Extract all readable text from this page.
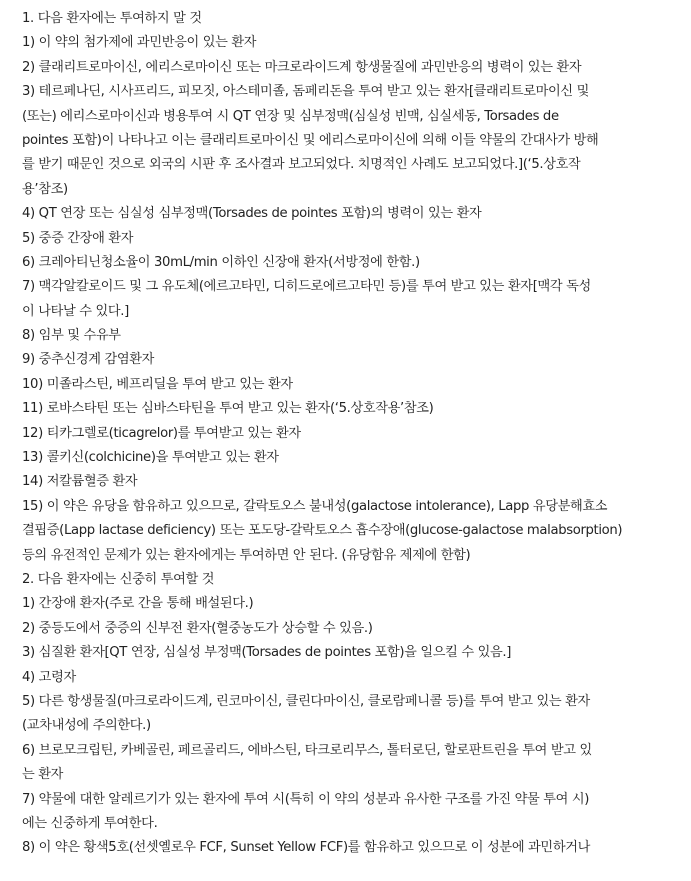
1. 다음 환자에는 투여하지 말 것
1) 이 약의 첨가제에 과민반응이 있는 환자
2) 클래리트로마이신, 에리스로마이신 또는 마크로라이드계 항생물질에 과민반응의 병력이 있는 환자
3) 테르페나딘, 시사프리드, 피모짓, 아스테미졸, 돔페리돈을 투여 받고 있는 환자[클래리트로마이신 및
(또는) 에리스로마이신과 병용투여 시 QT 연장 및 심부정맥(심실성 빈맥, 심실세동, Torsades de
pointes 포함)이 나타나고 이는 클래리트로마이신 및 에리스로마이신에 의해 이들 약물의 간대사가 방해
를 받기 때문인 것으로 외국의 시판 후 조사결과 보고되었다. 치명적인 사례도 보고되었다.](‘5.상호작
용’참조)
4) QT 연장 또는 심실성 심부정맥(Torsades de pointes 포함)의 병력이 있는 환자
5) 중증 간장애 환자
6) 크레아티닌청소율이 30mL/min 이하인 신장애 환자(서방정에 한함.)
7) 맥각알칼로이드 및 그 유도체(에르고타민, 디히드로에르고타민 등)를 투여 받고 있는 환자[맥각 독성
이 나타날 수 있다.]
8) 임부 및 수유부
9) 중추신경계 감염환자
10) 미졸라스틴, 베프리딜을 투여 받고 있는 환자
11) 로바스타틴 또는 심바스타틴을 투여 받고 있는 환자(‘5.상호작용’참조)
12) 티카그렐로(ticagrelor)를 투여받고 있는 환자
13) 콜키신(colchicine)을 투여받고 있는 환자
14) 저칼륨혈증 환자
15) 이 약은 유당을 함유하고 있으므로, 갈락토오스 불내성(galactose intolerance), Lapp 유당분해효소
결핍증(Lapp lactase deficiency) 또는 포도당-갈락토오스 흡수장애(glucose-galactose malabsorption)
등의 유전적인 문제가 있는 환자에게는 투여하면 안 된다. (유당함유 제제에 한함)
2. 다음 환자에는 신중히 투여할 것
1) 간장애 환자(주로 간을 통해 배설된다.)
2) 중등도에서 중증의 신부전 환자(혈중농도가 상승할 수 있음.)
3) 심질환 환자[QT 연장, 심실성 부정맥(Torsades de pointes 포함)을 일으킬 수 있음.]
4) 고령자
5) 다른 항생물질(마크로라이드계, 린코마이신, 클린다마이신, 클로람페니콜 등)를 투여 받고 있는 환자
(교차내성에 주의한다.)
6) 브로모크립틴, 카베골린, 페르골리드, 에바스틴, 타크로리무스, 톨터로딘, 할로판트린을 투여 받고 있
는 환자
7) 약물에 대한 알레르기가 있는 환자에 투여 시(특히 이 약의 성분과 유사한 구조를 가진 약물 투여 시)
에는 신중하게 투여한다.
8) 이 약은 황색5호(선셋옐로우 FCF, Sunset Yellow FCF)를 함유하고 있으므로 이 성분에 과민하거나
